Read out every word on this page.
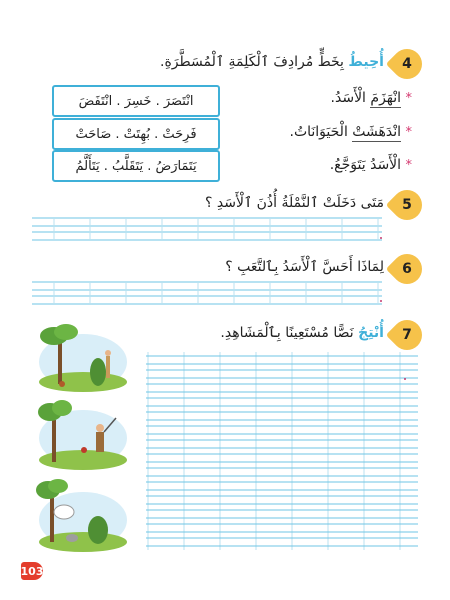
4
أُحِيطُ بِخَطٍّ مُرادِفَ ٱلْكَلِمَةِ ٱلْمُسَطَّرَةِ.
* انْهَزَمَ الْأَسَدُ.
انْتَصَرَ . خَسِرَ . انْتَفَضَ
* انْدَهَشَتْ الْحَيَوَانَاتُ.
فَرِحَتْ . بُهِتَتْ . صَاحَتْ
* الْأَسَدُ يَتَوَجَّعُ.
يَتَمَارَضُ . يَتَقَلَّبُ . يَتَأَلَّمُ
5
مَتَى دَخَلَتْ ٱلنَّمْلَةُ أُذُنَ ٱلْأَسَدِ ؟
6
لِمَاذَا أَحَسَّ ٱلْأَسَدُ بِٱلتَّعَبِ ؟
7
أُنْتِجُ نَصًّا مُسْتَعِينًا بِٱلْمَشَاهِدِ.
103
